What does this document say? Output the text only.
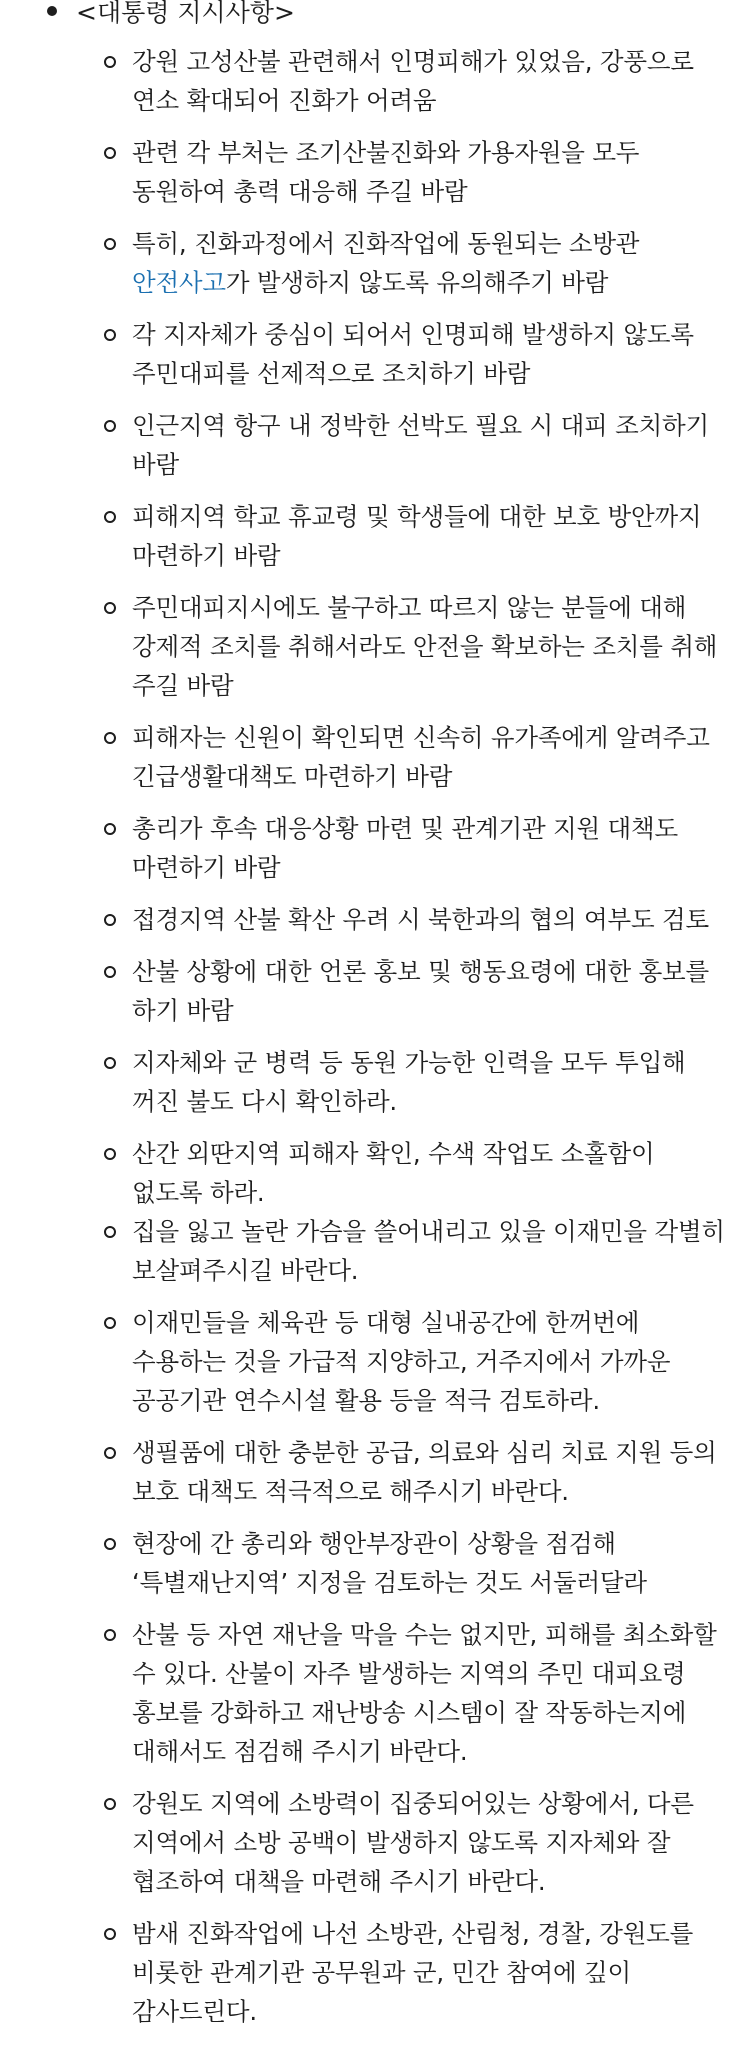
<대통령 지시사항>
강원 고성산불 관련해서 인명피해가 있었음, 강풍으로 연소 확대되어 진화가 어려움
관련 각 부처는 조기산불진화와 가용자원을 모두 동원하여 총력 대응해 주길 바람
특히, 진화과정에서 진화작업에 동원되는 소방관 안전사고가 발생하지 않도록 유의해주기 바람
각 지자체가 중심이 되어서 인명피해 발생하지 않도록 주민대피를 선제적으로 조치하기 바람
인근지역 항구 내 정박한 선박도 필요 시 대피 조치하기 바람
피해지역 학교 휴교령 및 학생들에 대한 보호 방안까지 마련하기 바람
주민대피지시에도 불구하고 따르지 않는 분들에 대해 강제적 조치를 취해서라도 안전을 확보하는 조치를 취해 주길 바람
피해자는 신원이 확인되면 신속히 유가족에게 알려주고 긴급생활대책도 마련하기 바람
총리가 후속 대응상황 마련 및 관계기관 지원 대책도 마련하기 바람
접경지역 산불 확산 우려 시 북한과의 협의 여부도 검토
산불 상황에 대한 언론 홍보 및 행동요령에 대한 홍보를 하기 바람
지자체와 군 병력 등 동원 가능한 인력을 모두 투입해 꺼진 불도 다시 확인하라.
산간 외딴지역 피해자 확인, 수색 작업도 소홀함이 없도록 하라.
집을 잃고 놀란 가슴을 쓸어내리고 있을 이재민을 각별히 보살펴주시길 바란다.
이재민들을 체육관 등 대형 실내공간에 한꺼번에 수용하는 것을 가급적 지양하고, 거주지에서 가까운 공공기관 연수시설 활용 등을 적극 검토하라.
생필품에 대한 충분한 공급, 의료와 심리 치료 지원 등의 보호 대책도 적극적으로 해주시기 바란다.
현장에 간 총리와 행안부장관이 상황을 점검해 ‘특별재난지역’ 지정을 검토하는 것도 서둘러달라
산불 등 자연 재난을 막을 수는 없지만, 피해를 최소화할 수 있다. 산불이 자주 발생하는 지역의 주민 대피요령 홍보를 강화하고 재난방송 시스템이 잘 작동하는지에 대해서도 점검해 주시기 바란다.
강원도 지역에 소방력이 집중되어있는 상황에서, 다른 지역에서 소방 공백이 발생하지 않도록 지자체와 잘 협조하여 대책을 마련해 주시기 바란다.
밤새 진화작업에 나선 소방관, 산림청, 경찰, 강원도를 비롯한 관계기관 공무원과 군, 민간 참여에 깊이 감사드린다.
